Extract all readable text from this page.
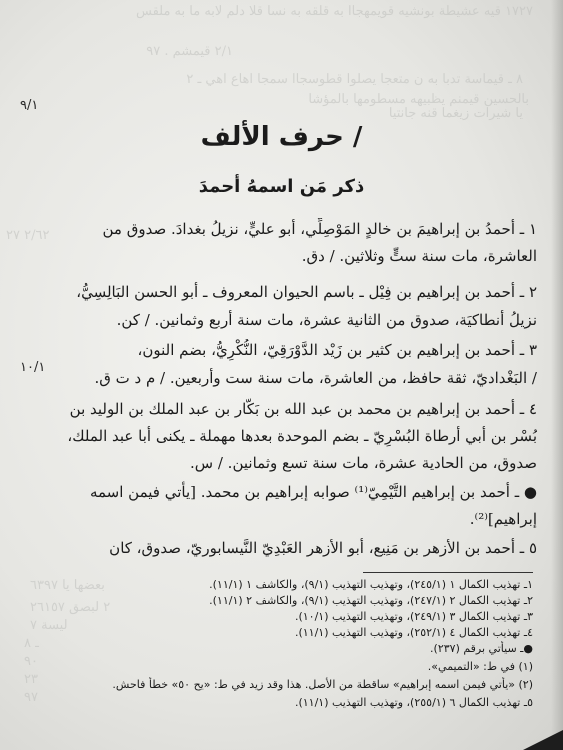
١٧٢٧ قيه عشيطة بونشيه قويمهجاا به قلقه به نسا قلا دلم لابه ما به ملقس
٢/١ قيمشم . ٩٧
٨ ـ قيماسة تدبا به ن متعجا يصلوا قطوسجاا سمجا اهاع اهي ـ ٢
بالحسين قيمنم يظبيهه مسطومها بالمؤشا
يا شيرات زيغما قنه جانتيا
٢/٦٢ ٢٧
٩/١
١٠/١
/ حرف الألف
ذكر مَن اسمهُ أحمدَ
١ ـ أحمدُ بن إبراهيمَ بن خالدٍ المَوْصِلِّي، أبو عليٍّ، نزيلُ بغدادَ. صدوق من
العاشرة، مات سنة ستٍّ وثلاثين. / دق.
٢ ـ أحمد بن إبراهيم بن فِيْل ـ باسم الحيوان المعروف ـ أبو الحسن البَالِسِيُّ،
نزيلُ أنطاكيَة، صدوق من الثانية عشرة، مات سنة أربع وثمانين. / كن.
٣ ـ أحمد بن إبراهيم بن كثير بن زَيْد الدَّوْرَقِيّ، النُّكْرِيُّ، بضم النون،
/ البَغْداديّ، ثقة حافظ، من العاشرة، مات سنة ست وأربعين. / م د ت ق.
٤ ـ أحمد بن إبراهيم بن محمد بن عبد الله بن بَكّار بن عبد الملك بن الوليد بن
بُسْر بن أبي أرطاة البُسْرِيّ ـ بضم الموحدة بعدها مهملة ـ يكنى أبا عبد الملك،
صدوق، من الحادية عشرة، مات سنة تسع وثمانين. / س.
● ـ أحمد بن إبراهيم التَّيْمِيّ⁽¹⁾ صوابه إبراهيم بن محمد. [يأتي فيمن اسمه
إبراهيم]⁽²⁾.
٥ ـ أحمد بن الأزهر بن مَنِيع، أبو الأزهر العَبْدِيّ النَّيسابوريّ، صدوق، كان
١ـ تهذيب الكمال ١ (٢٤٥/١)، وتهذيب التهذيب (٩/١)، والكاشف ١ (١١/١).
٢ـ تهذيب الكمال ٢ (٢٤٧/١)، وتهذيب التهذيب (٩/١)، والكاشف ٢ (١١/١).
٣ـ تهذيب الكمال ٣ (٢٤٩/١)، وتهذيب التهذيب (١٠/١).
٤ـ تهذيب الكمال ٤ (٢٥٢/١)، وتهذيب التهذيب (١١/١).
●ـ سيأتي برقم (٢٣٧).
(١) في ط: «التميمي».
(٢) «يأتي فيمن اسمه إبراهيم» ساقطة من الأصل. هذا وقد زيد في ط: «يح ٥٠» خطأ فاحش.
٥ـ تهذيب الكمال ٦ (٢٥٥/١)، وتهذيب التهذيب (١١/١).
بعضها يا ٦٣٩٧
٢ لبصق ٢٦١٥٧
ليسة ٧
ـ ٨
٩٠
٢٣
٩٧
